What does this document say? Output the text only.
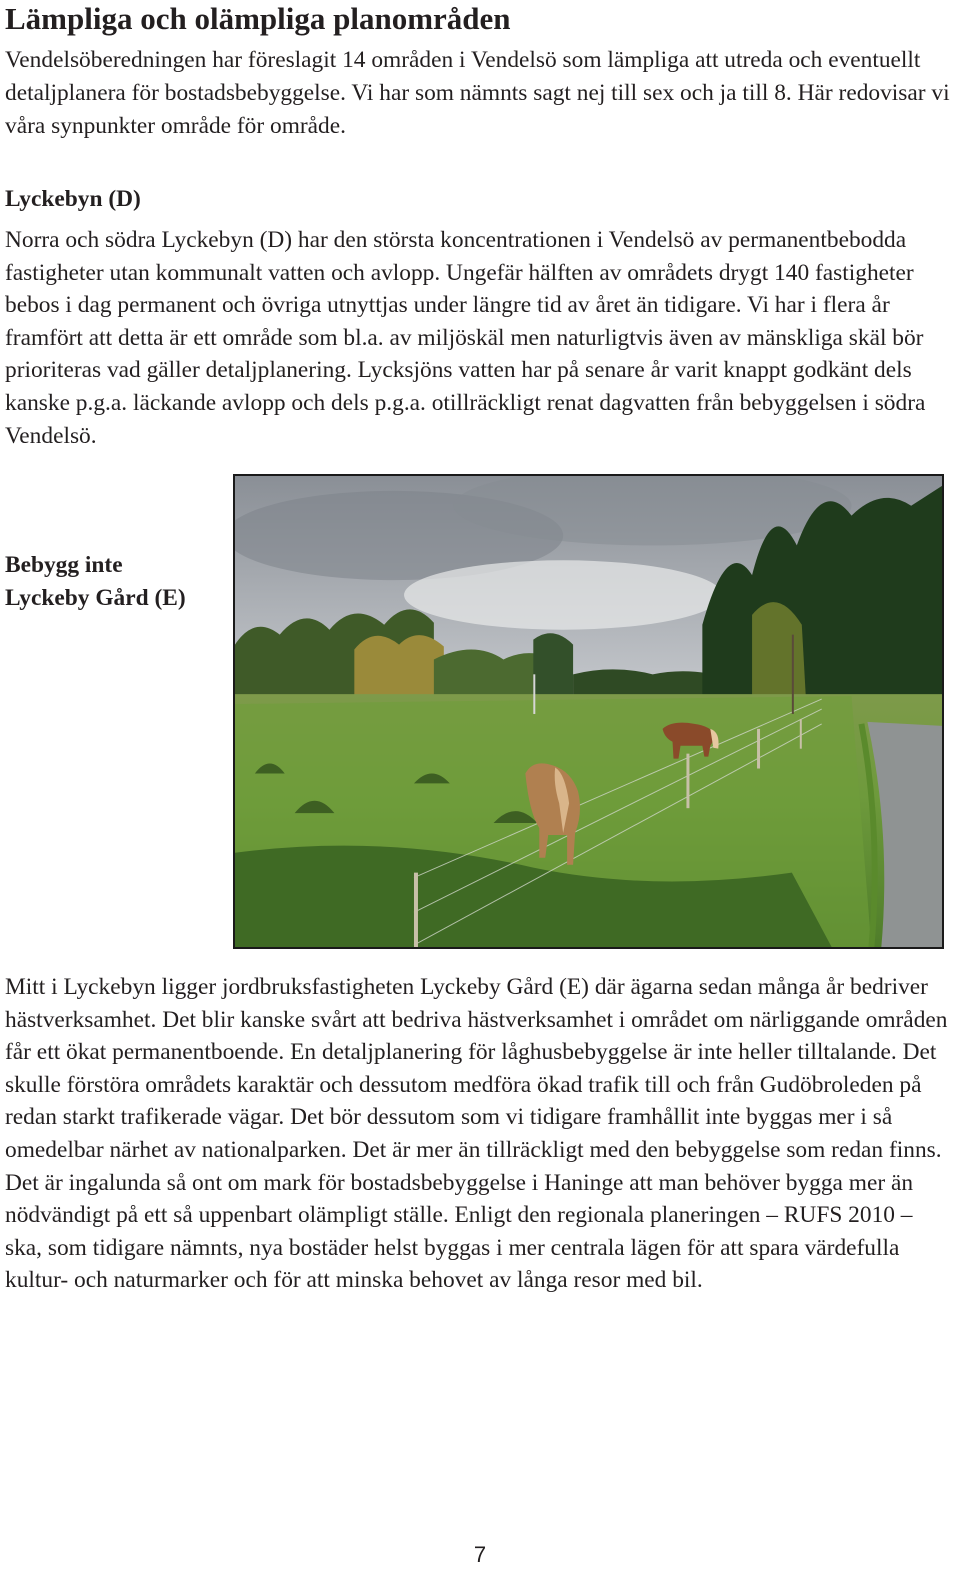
Lämpliga och olämpliga planområden

Vendelsöberedningen har föreslagit 14 områden i Vendelsö som lämpliga att utreda och eventuellt detaljplanera för bostadsbebyggelse. Vi har som nämnts sagt nej till sex och ja till 8. Här redovisar vi våra synpunkter område för område.

Lyckebyn (D)

Norra och södra Lyckebyn (D) har den största koncentrationen i Vendelsö av permanentbebodda fastigheter utan kommunalt vatten och avlopp. Ungefär hälften av områdets drygt 140 fastigheter bebos i dag permanent och övriga utnyttjas under längre tid av året än tidigare. Vi har i flera år framfört att detta är ett område som bl.a. av miljöskäl men naturligtvis även av mänskliga skäl bör prioriteras vad gäller detaljplanering. Lycksjöns vatten har på senare år varit knappt godkänt dels kanske p.g.a. läckande avlopp och dels p.g.a. otillräckligt renat dagvatten från bebyggelsen i södra Vendelsö.

Bebygg inte
Lyckeby Gård (E)

Mitt i Lyckebyn ligger jordbruksfastigheten Lyckeby Gård (E) där ägarna sedan många år bedriver hästverksamhet. Det blir kanske svårt att bedriva hästverksamhet i området om närliggande områden får ett ökat permanentboende. En detaljplanering för låghusbebyggelse är inte heller tilltalande. Det skulle förstöra områdets karaktär och dessutom medföra ökad trafik till och från Gudöbroleden på redan starkt trafikerade vägar. Det bör dessutom som vi tidigare framhållit inte byggas mer i så omedelbar närhet av nationalparken. Det är mer än tillräckligt med den bebyggelse som redan finns. Det är ingalunda så ont om mark för bostadsbebyggelse i Haninge att man behöver bygga mer än nödvändigt på ett så uppenbart olämpligt ställe. Enligt den regionala planeringen – RUFS 2010 – ska, som tidigare nämnts, nya bostäder helst byggas i mer centrala lägen för att spara värdefulla kultur- och naturmarker och för att minska behovet av långa resor med bil.

7
